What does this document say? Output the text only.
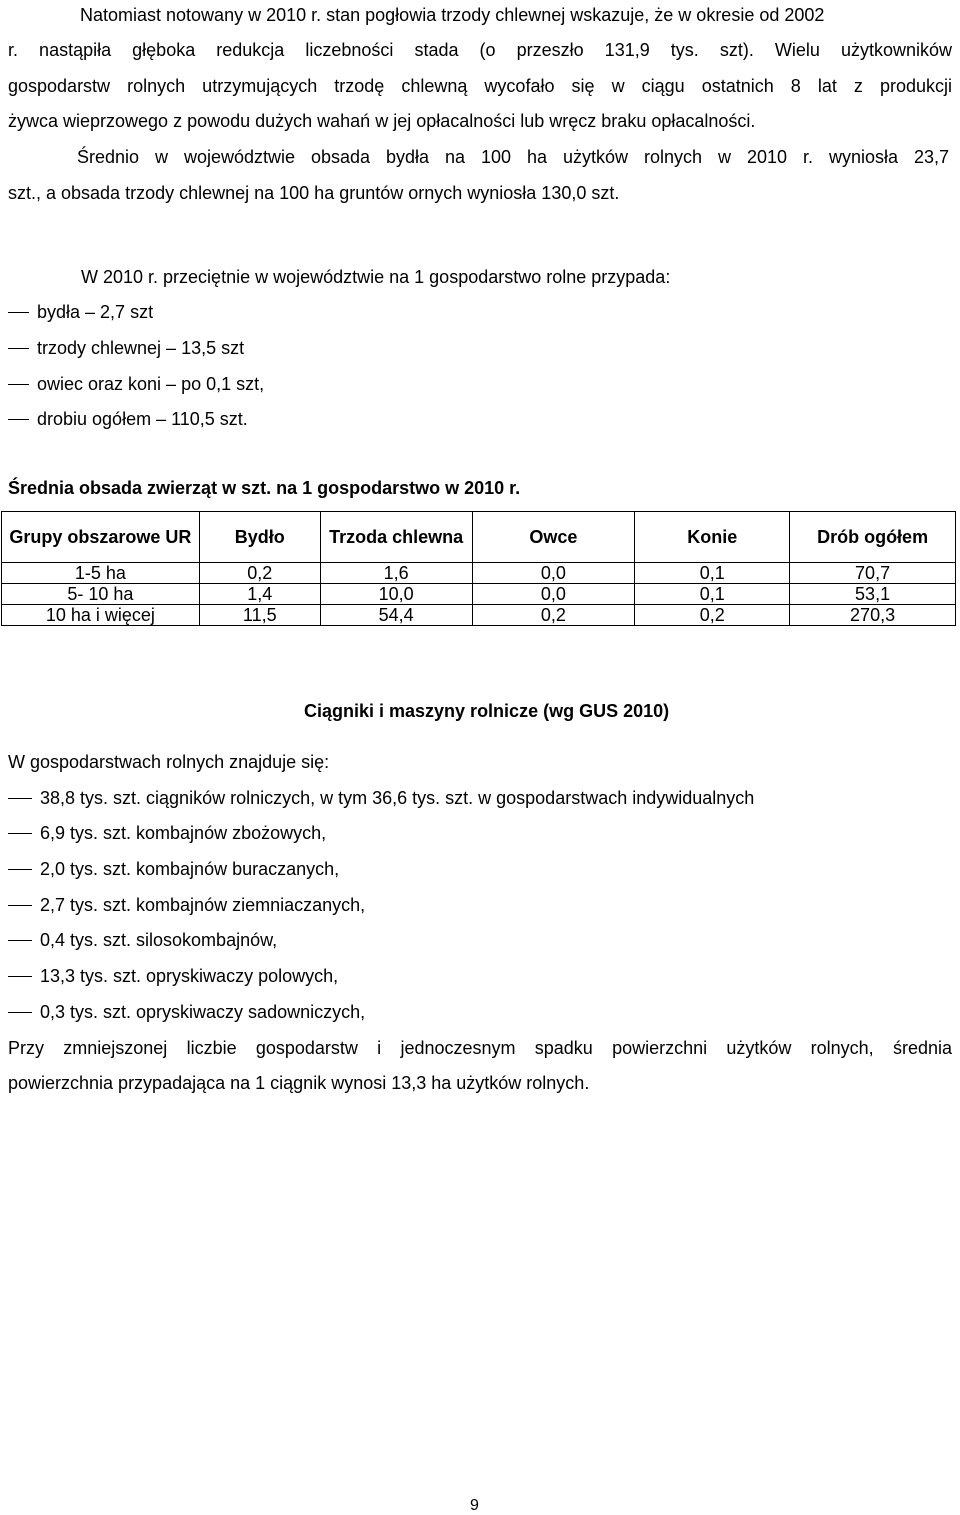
Natomiast notowany w 2010 r. stan pogłowia trzody chlewnej wskazuje, że w okresie od 2002
r. nastąpiła głęboka redukcja liczebności stada (o przeszło 131,9 tys. szt). Wielu użytkowników
gospodarstw rolnych utrzymujących trzodę chlewną wycofało się w ciągu ostatnich 8 lat z produkcji
żywca wieprzowego z powodu dużych wahań w jej opłacalności lub wręcz braku opłacalności.
Średnio w województwie obsada bydła na 100 ha użytków rolnych w 2010 r. wyniosła 23,7
szt., a obsada trzody chlewnej na 100 ha gruntów ornych wyniosła 130,0 szt.
W 2010 r. przeciętnie w województwie na 1 gospodarstwo rolne przypada:
bydła – 2,7 szt
trzody chlewnej – 13,5 szt
owiec oraz koni – po 0,1 szt,
drobiu ogółem – 110,5 szt.
Średnia obsada zwierząt w szt. na 1 gospodarstwo w 2010 r.
Grupy obszarowe UR	Bydło	Trzoda chlewna	Owce	Konie	Drób ogółem
1-5 ha	0,2	1,6	0,0	0,1	70,7
5- 10 ha	1,4	10,0	0,0	0,1	53,1
10 ha i więcej	11,5	54,4	0,2	0,2	270,3
Ciągniki i maszyny rolnicze (wg GUS 2010)
W gospodarstwach rolnych znajduje się:
38,8 tys. szt. ciągników rolniczych, w tym 36,6 tys. szt. w gospodarstwach indywidualnych
6,9 tys. szt. kombajnów zbożowych,
2,0 tys. szt. kombajnów buraczanych,
2,7 tys. szt. kombajnów ziemniaczanych,
0,4 tys. szt. silosokombajnów,
13,3 tys. szt. opryskiwaczy polowych,
0,3 tys. szt. opryskiwaczy sadowniczych,
Przy zmniejszonej liczbie gospodarstw i jednoczesnym spadku powierzchni użytków rolnych, średnia
powierzchnia przypadająca na 1 ciągnik wynosi 13,3 ha użytków rolnych.
9
